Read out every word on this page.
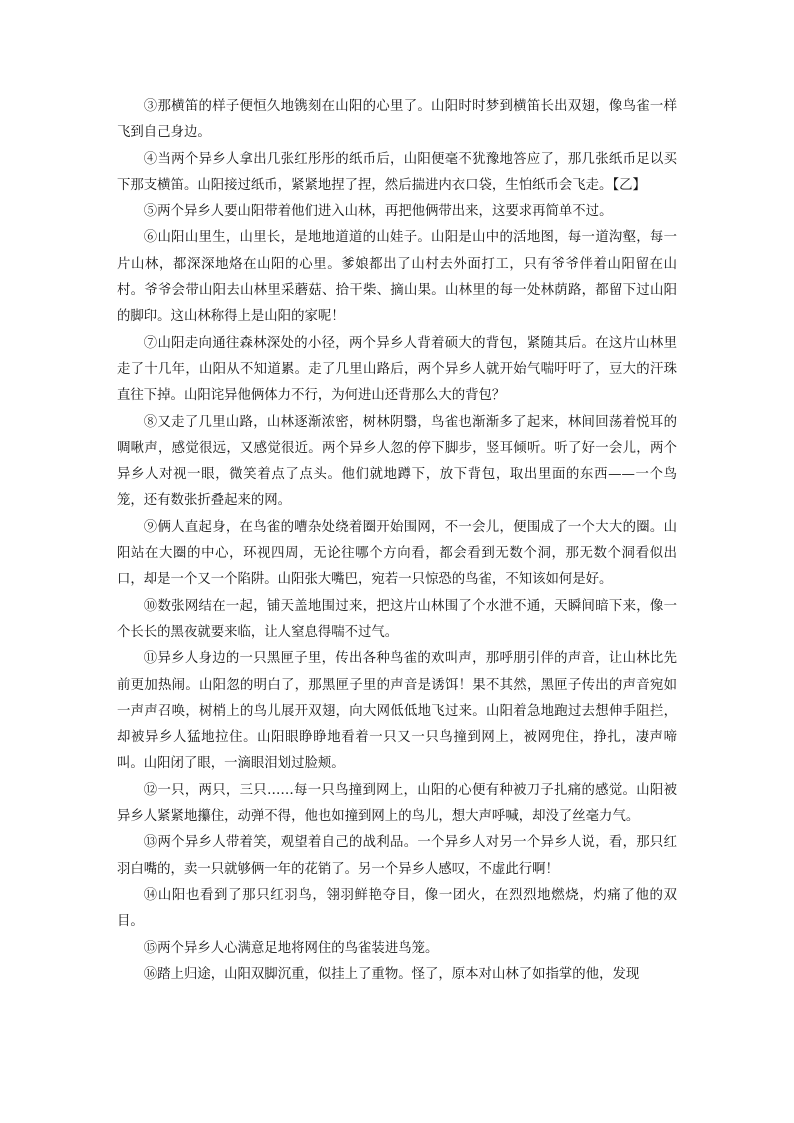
③那横笛的样子便恒久地镌刻在山阳的心里了。山阳时时梦到横笛长出双翅，像鸟雀一样飞到自己身边。

④当两个异乡人拿出几张红彤彤的纸币后，山阳便毫不犹豫地答应了，那几张纸币足以买下那支横笛。山阳接过纸币，紧紧地捏了捏，然后揣进内衣口袋，生怕纸币会飞走。【乙】

⑤两个异乡人要山阳带着他们进入山林，再把他俩带出来，这要求再简单不过。

⑥山阳山里生，山里长，是地地道道的山娃子。山阳是山中的活地图，每一道沟壑，每一片山林，都深深地烙在山阳的心里。爹娘都出了山村去外面打工，只有爷爷伴着山阳留在山村。爷爷会带山阳去山林里采蘑菇、拾干柴、摘山果。山林里的每一处林荫路，都留下过山阳的脚印。这山林称得上是山阳的家呢！

⑦山阳走向通往森林深处的小径，两个异乡人背着硕大的背包，紧随其后。在这片山林里走了十几年，山阳从不知道累。走了几里山路后，两个异乡人就开始气喘吁吁了，豆大的汗珠直往下掉。山阳诧异他俩体力不行，为何进山还背那么大的背包？

⑧又走了几里山路，山林逐渐浓密，树林阴翳，鸟雀也渐渐多了起来，林间回荡着悦耳的啁啾声，感觉很远，又感觉很近。两个异乡人忽的停下脚步，竖耳倾听。听了好一会儿，两个异乡人对视一眼，微笑着点了点头。他们就地蹲下，放下背包，取出里面的东西——一个鸟笼，还有数张折叠起来的网。

⑨俩人直起身，在鸟雀的嘈杂处绕着圈开始围网，不一会儿，便围成了一个大大的圈。山阳站在大圈的中心，环视四周，无论往哪个方向看，都会看到无数个洞，那无数个洞看似出口，却是一个又一个陷阱。山阳张大嘴巴，宛若一只惊恐的鸟雀，不知该如何是好。

⑩数张网结在一起，铺天盖地围过来，把这片山林围了个水泄不通，天瞬间暗下来，像一个长长的黑夜就要来临，让人窒息得喘不过气。

⑪异乡人身边的一只黑匣子里，传出各种鸟雀的欢叫声，那呼朋引伴的声音，让山林比先前更加热闹。山阳忽的明白了，那黑匣子里的声音是诱饵！果不其然，黑匣子传出的声音宛如一声声召唤，树梢上的鸟儿展开双翅，向大网低低地飞过来。山阳着急地跑过去想伸手阻拦，却被异乡人猛地拉住。山阳眼睁睁地看着一只又一只鸟撞到网上，被网兜住，挣扎，凄声啼叫。山阳闭了眼，一滴眼泪划过脸颊。

⑫一只，两只，三只……每一只鸟撞到网上，山阳的心便有种被刀子扎痛的感觉。山阳被异乡人紧紧地攥住，动弹不得，他也如撞到网上的鸟儿，想大声呼喊，却没了丝毫力气。

⑬两个异乡人带着笑，观望着自己的战利品。一个异乡人对另一个异乡人说，看，那只红羽白嘴的，卖一只就够俩一年的花销了。另一个异乡人感叹，不虚此行啊！

⑭山阳也看到了那只红羽鸟，翎羽鲜艳夺目，像一团火，在烈烈地燃烧，灼痛了他的双目。

⑮两个异乡人心满意足地将网住的鸟雀装进鸟笼。

⑯踏上归途，山阳双脚沉重，似挂上了重物。怪了，原本对山林了如指掌的他，发现
